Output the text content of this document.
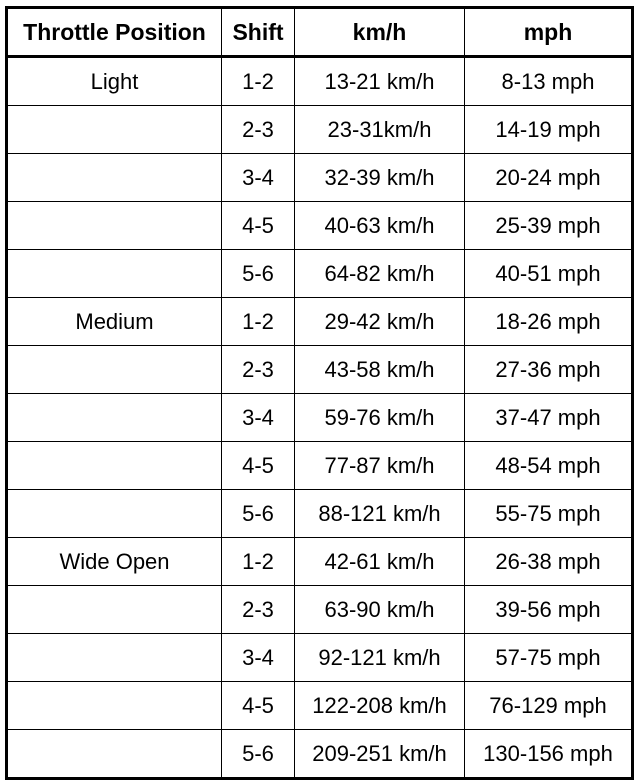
Throttle Position	Shift	km/h	mph
Light	1-2	13-21 km/h	8-13 mph
	2-3	23-31km/h	14-19 mph
	3-4	32-39 km/h	20-24 mph
	4-5	40-63 km/h	25-39 mph
	5-6	64-82 km/h	40-51 mph
Medium	1-2	29-42 km/h	18-26 mph
	2-3	43-58 km/h	27-36 mph
	3-4	59-76 km/h	37-47 mph
	4-5	77-87 km/h	48-54 mph
	5-6	88-121 km/h	55-75 mph
Wide Open	1-2	42-61 km/h	26-38 mph
	2-3	63-90 km/h	39-56 mph
	3-4	92-121 km/h	57-75 mph
	4-5	122-208 km/h	76-129 mph
	5-6	209-251 km/h	130-156 mph
